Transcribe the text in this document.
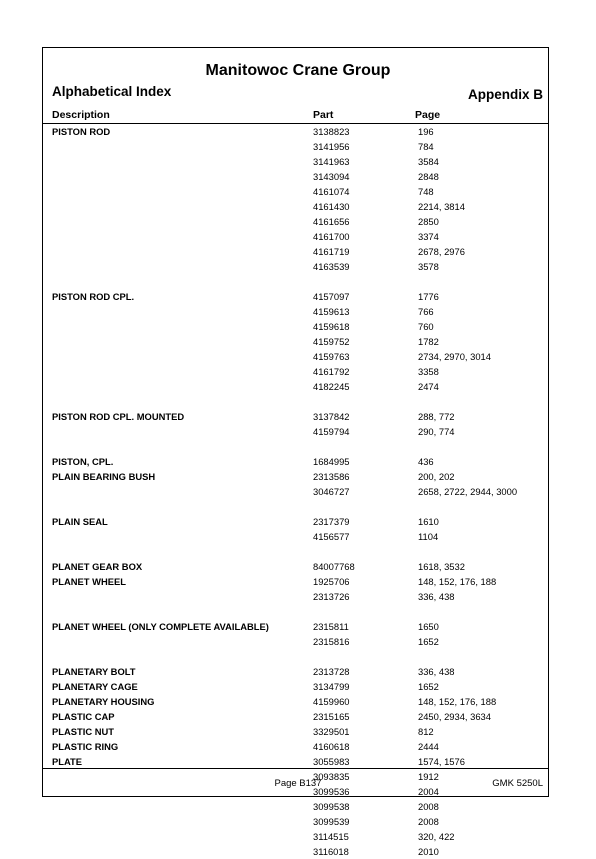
Manitowoc Crane Group
Alphabetical Index	Appendix B
Description	Part	Page
PISTON ROD	3138823	196
3141956	784
3141963	3584
3143094	2848
4161074	748
4161430	2214, 3814
4161656	2850
4161700	3374
4161719	2678, 2976
4163539	3578
PISTON ROD CPL.	4157097	1776
4159613	766
4159618	760
4159752	1782
4159763	2734, 2970, 3014
4161792	3358
4182245	2474
PISTON ROD CPL. MOUNTED	3137842	288, 772
4159794	290, 774
PISTON, CPL.	1684995	436
PLAIN BEARING BUSH	2313586	200, 202
3046727	2658, 2722, 2944, 3000
PLAIN SEAL	2317379	1610
4156577	1104
PLANET GEAR BOX	84007768	1618, 3532
PLANET WHEEL	1925706	148, 152, 176, 188
2313726	336, 438
PLANET WHEEL (ONLY COMPLETE AVAILABLE)	2315811	1650
2315816	1652
PLANETARY BOLT	2313728	336, 438
PLANETARY CAGE	3134799	1652
PLANETARY HOUSING	4159960	148, 152, 176, 188
PLASTIC CAP	2315165	2450, 2934, 3634
PLASTIC NUT	3329501	812
PLASTIC RING	4160618	2444
PLATE	3055983	1574, 1576
3093835	1912
3099536	2004
3099538	2008
3099539	2008
3114515	320, 422
3116018	2010
Page B137	GMK 5250L
